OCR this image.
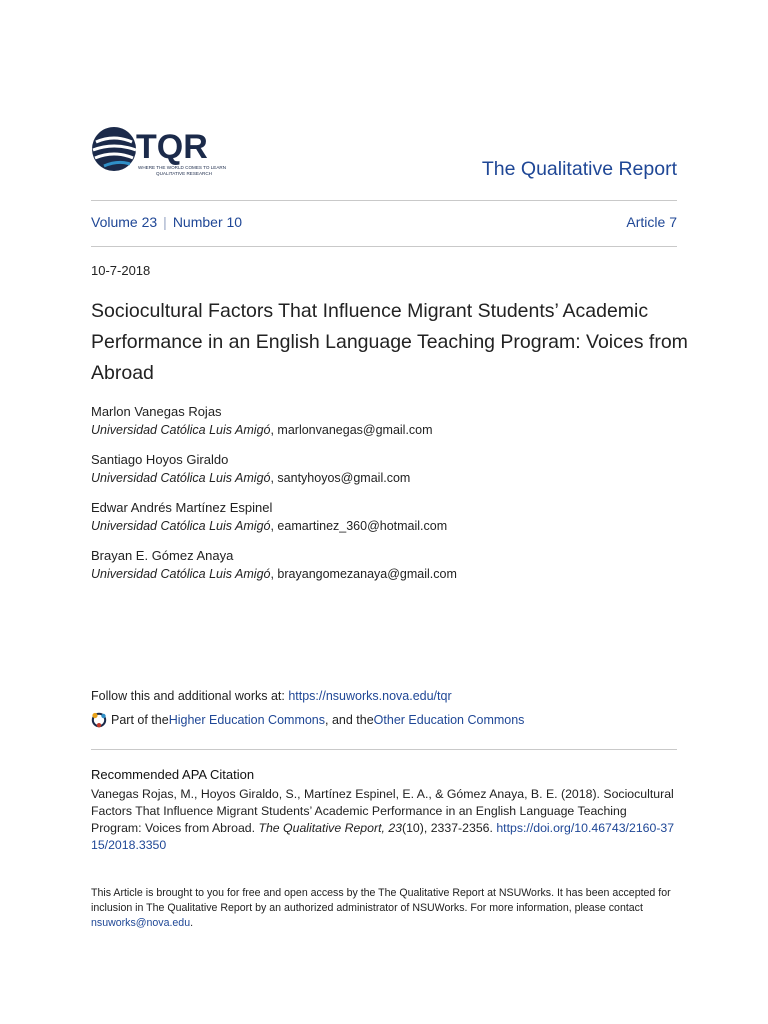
TQR
WHERE THE WORLD COMES TO LEARN
QUALITATIVE RESEARCH	The Qualitative Report
Volume 23 | Number 10	Article 7
10-7-2018
Sociocultural Factors That Influence Migrant Students’ Academic Performance in an English Language Teaching Program: Voices from Abroad
Marlon Vanegas Rojas
Universidad Católica Luis Amigó, marlonvanegas@gmail.com
Santiago Hoyos Giraldo
Universidad Católica Luis Amigó, santyhoyos@gmail.com
Edwar Andrés Martínez Espinel
Universidad Católica Luis Amigó, eamartinez_360@hotmail.com
Brayan E. Gómez Anaya
Universidad Católica Luis Amigó, brayangomezanaya@gmail.com
Follow this and additional works at: https://nsuworks.nova.edu/tqr
Part of the Higher Education Commons , and the Other Education Commons
Recommended APA Citation
Vanegas Rojas, M., Hoyos Giraldo, S., Martínez Espinel, E. A., & Gómez Anaya, B. E. (2018). Sociocultural Factors That Influence Migrant Students’ Academic Performance in an English Language Teaching Program: Voices from Abroad. The Qualitative Report, 23(10), 2337-2356. https://doi.org/10.46743/2160-3715/2018.3350
This Article is brought to you for free and open access by the The Qualitative Report at NSUWorks. It has been accepted for inclusion in The Qualitative Report by an authorized administrator of NSUWorks. For more information, please contact nsuworks@nova.edu.
